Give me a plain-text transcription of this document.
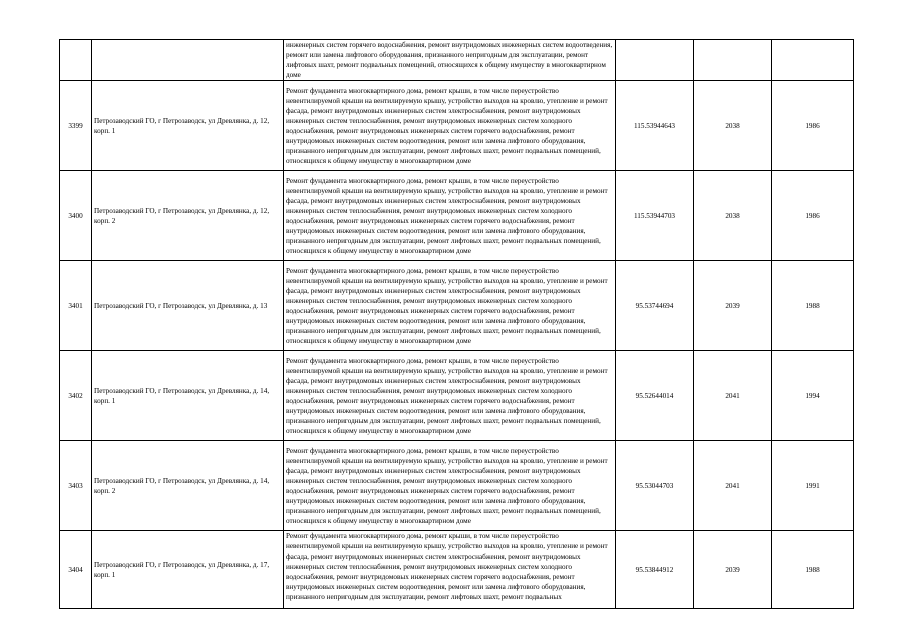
		инженерных систем горячего водоснабжения, ремонт внутридомовых инженерных систем водоотведения, ремонт или замена лифтового оборудования, признанного непригодным для эксплуатации, ремонт лифтовых шахт, ремонт подвальных помещений, относящихся к общему имуществу в многоквартирном доме			
3399	Петрозаводский ГО, г Петрозаводск, ул Древлянка, д. 12, корп. 1	Ремонт фундамента многоквартирного дома, ремонт крыши, в том числе переустройство невентилируемой крыши на вентилируемую крышу, устройство выходов на кровлю, утепление и ремонт фасада, ремонт внутридомовых инженерных систем электроснабжения, ремонт внутридомовых инженерных систем теплоснабжения, ремонт внутридомовых инженерных систем холодного водоснабжения, ремонт внутридомовых инженерных систем горячего водоснабжения, ремонт внутридомовых инженерных систем водоотведения, ремонт или замена лифтового оборудования, признанного непригодным для эксплуатации, ремонт лифтовых шахт, ремонт подвальных помещений, относящихся к общему имуществу в многоквартирном доме	115.53944643	2038	1986
3400	Петрозаводский ГО, г Петрозаводск, ул Древлянка, д. 12, корп. 2	Ремонт фундамента многоквартирного дома, ремонт крыши, в том числе переустройство невентилируемой крыши на вентилируемую крышу, устройство выходов на кровлю, утепление и ремонт фасада, ремонт внутридомовых инженерных систем электроснабжения, ремонт внутридомовых инженерных систем теплоснабжения, ремонт внутридомовых инженерных систем холодного водоснабжения, ремонт внутридомовых инженерных систем горячего водоснабжения, ремонт внутридомовых инженерных систем водоотведения, ремонт или замена лифтового оборудования, признанного непригодным для эксплуатации, ремонт лифтовых шахт, ремонт подвальных помещений, относящихся к общему имуществу в многоквартирном доме	115.53944703	2038	1986
3401	Петрозаводский ГО, г Петрозаводск, ул Древлянка, д. 13	Ремонт фундамента многоквартирного дома, ремонт крыши, в том числе переустройство невентилируемой крыши на вентилируемую крышу, устройство выходов на кровлю, утепление и ремонт фасада, ремонт внутридомовых инженерных систем электроснабжения, ремонт внутридомовых инженерных систем теплоснабжения, ремонт внутридомовых инженерных систем холодного водоснабжения, ремонт внутридомовых инженерных систем горячего водоснабжения, ремонт внутридомовых инженерных систем водоотведения, ремонт или замена лифтового оборудования, признанного непригодным для эксплуатации, ремонт лифтовых шахт, ремонт подвальных помещений, относящихся к общему имуществу в многоквартирном доме	95.53744694	2039	1988
3402	Петрозаводский ГО, г Петрозаводск, ул Древлянка, д. 14, корп. 1	Ремонт фундамента многоквартирного дома, ремонт крыши, в том числе переустройство невентилируемой крыши на вентилируемую крышу, устройство выходов на кровлю, утепление и ремонт фасада, ремонт внутридомовых инженерных систем электроснабжения, ремонт внутридомовых инженерных систем теплоснабжения, ремонт внутридомовых инженерных систем холодного водоснабжения, ремонт внутридомовых инженерных систем горячего водоснабжения, ремонт внутридомовых инженерных систем водоотведения, ремонт или замена лифтового оборудования, признанного непригодным для эксплуатации, ремонт лифтовых шахт, ремонт подвальных помещений, относящихся к общему имуществу в многоквартирном доме	95.52644014	2041	1994
3403	Петрозаводский ГО, г Петрозаводск, ул Древлянка, д. 14, корп. 2	Ремонт фундамента многоквартирного дома, ремонт крыши, в том числе переустройство невентилируемой крыши на вентилируемую крышу, устройство выходов на кровлю, утепление и ремонт фасада, ремонт внутридомовых инженерных систем электроснабжения, ремонт внутридомовых инженерных систем теплоснабжения, ремонт внутридомовых инженерных систем холодного водоснабжения, ремонт внутридомовых инженерных систем горячего водоснабжения, ремонт внутридомовых инженерных систем водоотведения, ремонт или замена лифтового оборудования, признанного непригодным для эксплуатации, ремонт лифтовых шахт, ремонт подвальных помещений, относящихся к общему имуществу в многоквартирном доме	95.53044703	2041	1991
3404	Петрозаводский ГО, г Петрозаводск, ул Древлянка, д. 17, корп. 1	Ремонт фундамента многоквартирного дома, ремонт крыши, в том числе переустройство невентилируемой крыши на вентилируемую крышу, устройство выходов на кровлю, утепление и ремонт фасада, ремонт внутридомовых инженерных систем электроснабжения, ремонт внутридомовых инженерных систем теплоснабжения, ремонт внутридомовых инженерных систем холодного водоснабжения, ремонт внутридомовых инженерных систем горячего водоснабжения, ремонт внутридомовых инженерных систем водоотведения, ремонт или замена лифтового оборудования, признанного непригодным для эксплуатации, ремонт лифтовых шахт, ремонт подвальных	95.53844912	2039	1988
